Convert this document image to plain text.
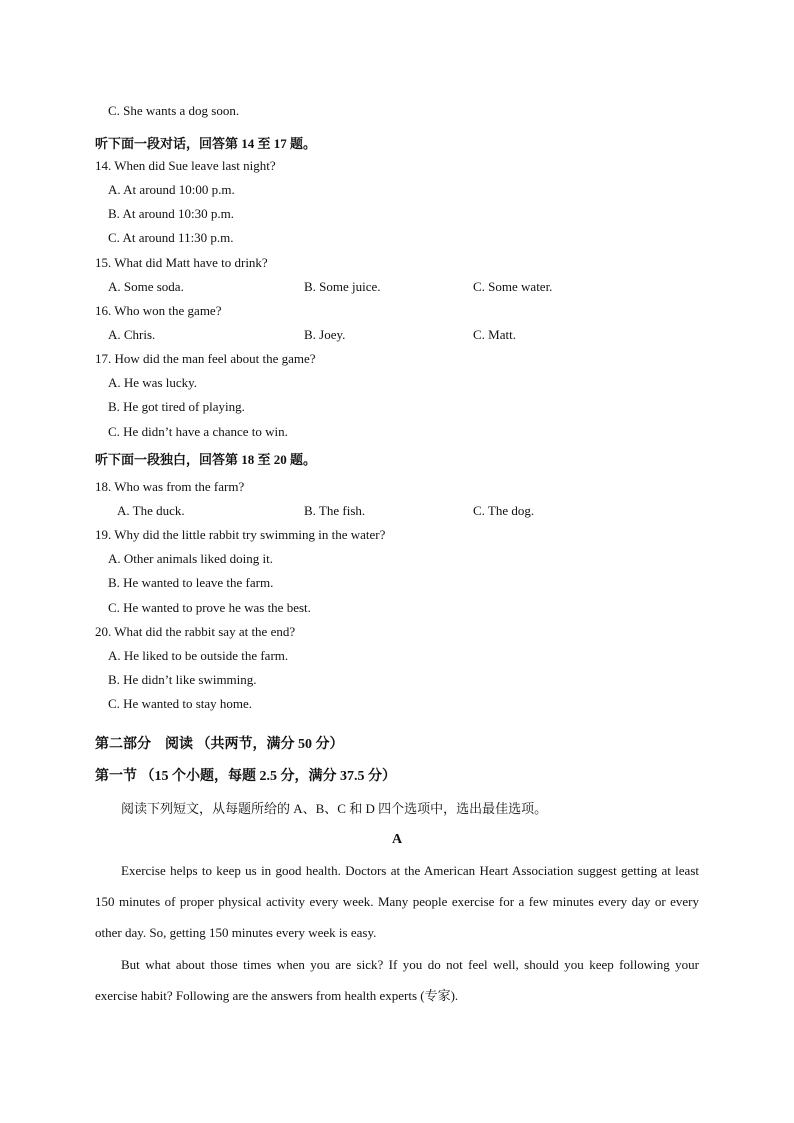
C. She wants a dog soon.
听下面一段对话，回答第 14 至 17 题。
14. When did Sue leave last night?
A. At around 10:00 p.m.
B. At around 10:30 p.m.
C. At around 11:30 p.m.
15. What did Matt have to drink?
A. Some soda.	B. Some juice.	C. Some water.
16. Who won the game?
A. Chris.	B. Joey.	C. Matt.
17. How did the man feel about the game?
A. He was lucky.
B. He got tired of playing.
C. He didn’t have a chance to win.
听下面一段独白，回答第 18 至 20 题。
18. Who was from the farm?
A. The duck.	B. The fish.	C. The dog.
19. Why did the little rabbit try swimming in the water?
A. Other animals liked doing it.
B. He wanted to leave the farm.
C. He wanted to prove he was the best.
20. What did the rabbit say at the end?
A. He liked to be outside the farm.
B. He didn’t like swimming.
C. He wanted to stay home.
第二部分　阅读 （共两节，满分 50 分）
第一节 （15 个小题，每题 2.5 分，满分 37.5 分）
阅读下列短文，从每题所给的 A、B、C 和 D 四个选项中，选出最佳选项。
A
Exercise helps to keep us in good health. Doctors at the American Heart Association suggest getting at least 150 minutes of proper physical activity every week. Many people exercise for a few minutes every day or every other day. So, getting 150 minutes every week is easy.
But what about those times when you are sick? If you do not feel well, should you keep following your exercise habit? Following are the answers from health experts (专家).
